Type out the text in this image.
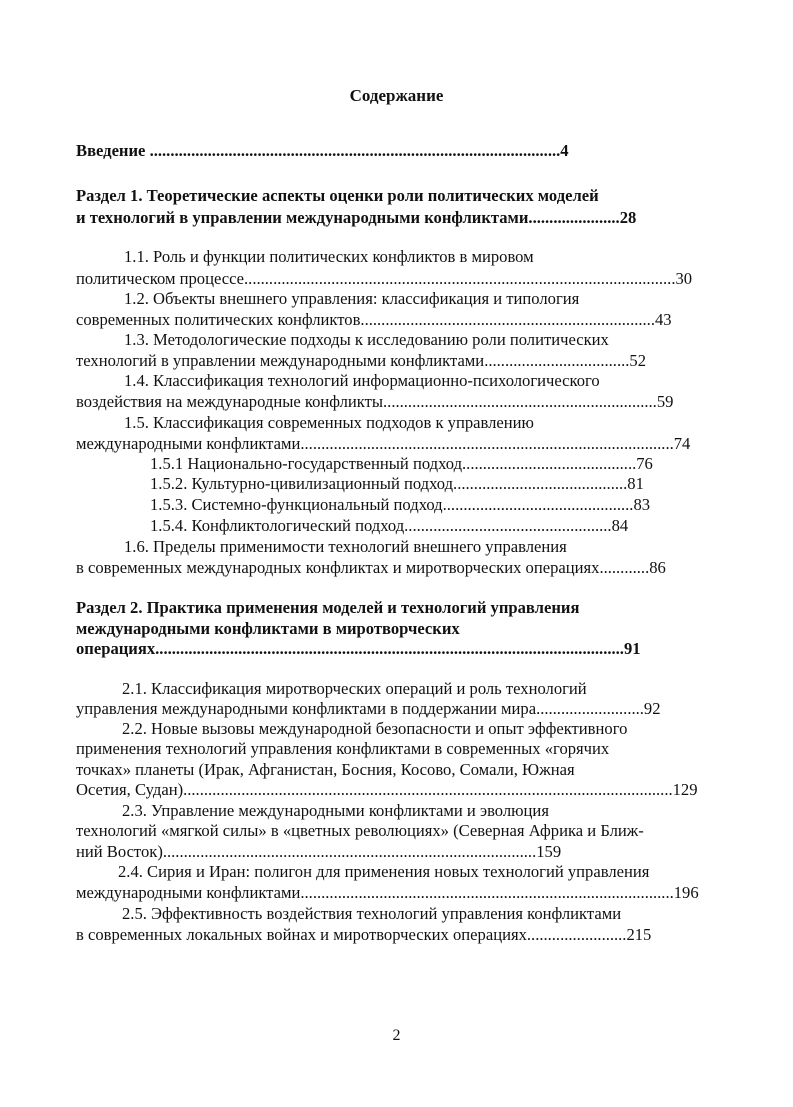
Содержание
Введение ...................................................................................................4
Раздел 1. Теоретические аспекты оценки роли политических моделей
и технологий в управлении международными конфликтами......................28
1.1. Роль и функции политических конфликтов в мировом
политическом процессе........................................................................................................30
1.2. Объекты внешнего управления: классификация и типология
современных политических конфликтов.......................................................................43
1.3. Методологические подходы к исследованию роли политических
технологий в управлении международными конфликтами...................................52
1.4. Классификация технологий информационно-психологического
воздействия на международные конфликты..................................................................59
1.5. Классификация современных подходов к управлению
международными конфликтами..........................................................................................74
1.5.1 Национально-государственный подход..........................................76
1.5.2. Культурно-цивилизационный подход..........................................81
1.5.3. Системно-функциональный подход..............................................83
1.5.4. Конфликтологический подход..................................................84
1.6. Пределы применимости технологий внешнего управления
в современных международных конфликтах и миротворческих операциях............86
Раздел 2. Практика применения моделей и технологий управления
международными конфликтами в миротворческих
операциях.................................................................................................................91
2.1. Классификация миротворческих операций и роль технологий
управления международными конфликтами в поддержании мира..........................92
2.2. Новые вызовы международной безопасности и опыт эффективного
применения технологий управления конфликтами в современных «горячих
точках» планеты (Ирак, Афганистан, Босния, Косово, Сомали, Южная
Осетия, Судан)......................................................................................................................129
2.3. Управление международными конфликтами и эволюция
технологий «мягкой силы» в «цветных революциях» (Северная Африка и Ближ-
ний Восток)..........................................................................................159
2.4. Сирия и Иран: полигон для применения новых технологий управления
международными конфликтами..........................................................................................196
2.5. Эффективность воздействия технологий управления конфликтами
в современных локальных войнах и миротворческих операциях........................215
2
